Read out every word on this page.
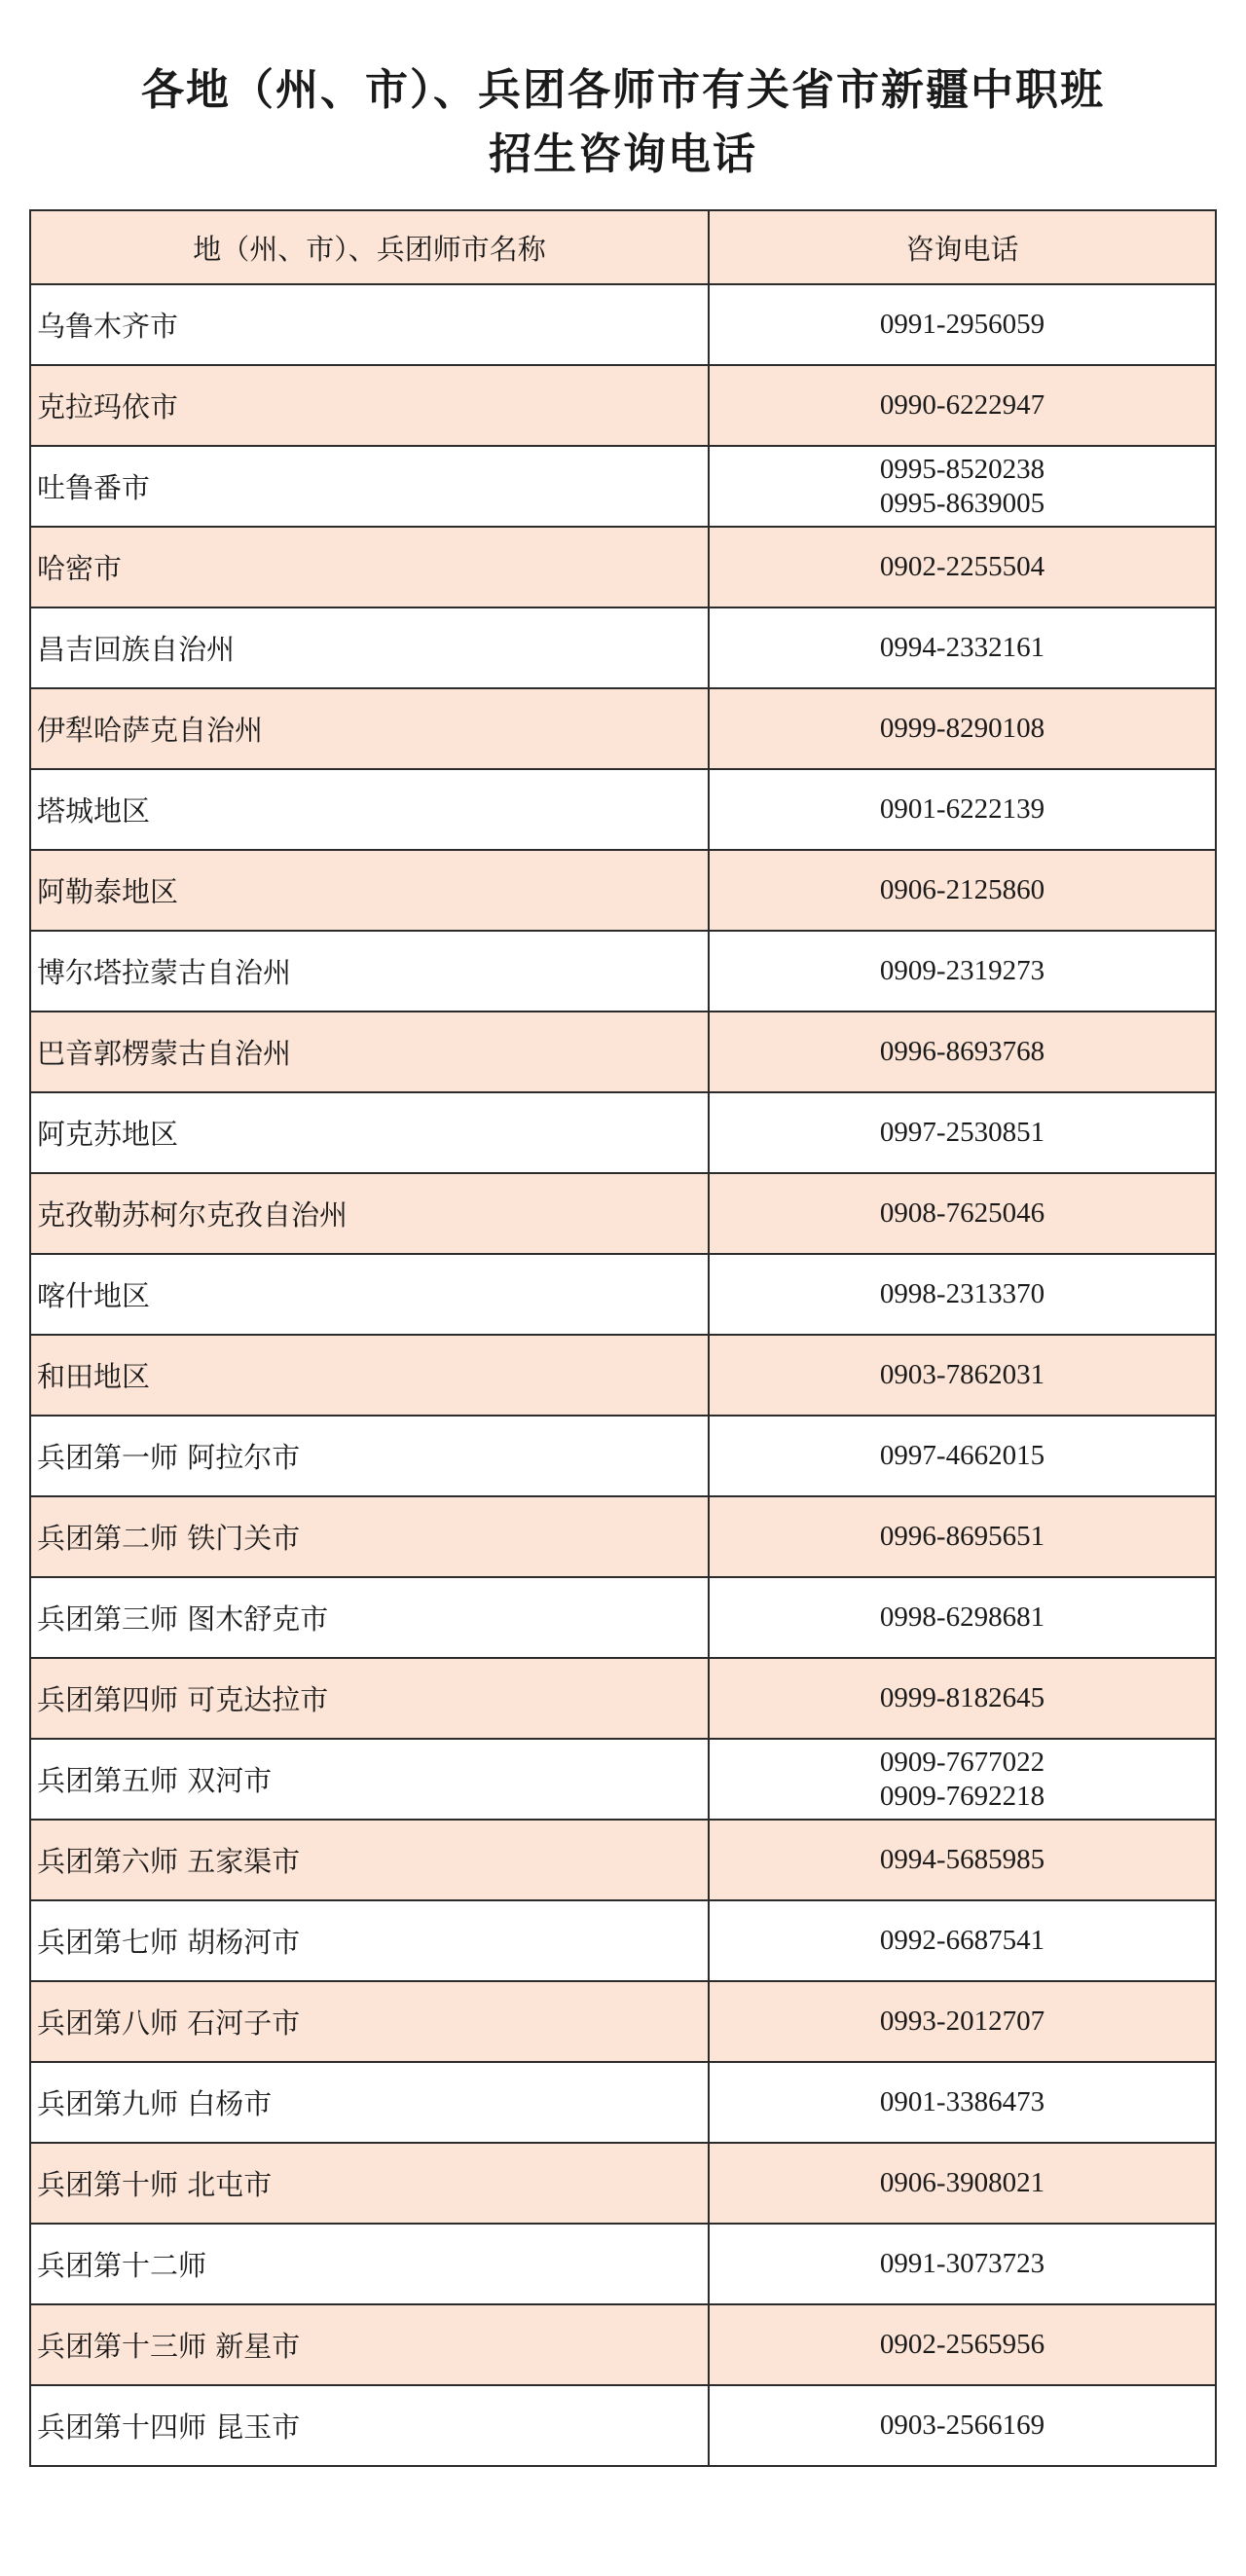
各地（州、市）、兵团各师市有关省市新疆中职班
招生咨询电话
地（州、市）、兵团师市名称	咨询电话
乌鲁木齐市	0991-2956059

克拉玛依市	0990-6222947

吐鲁番市	0995-8520238
0995-8639005

哈密市	0902-2255504

昌吉回族自治州	0994-2332161

伊犁哈萨克自治州	0999-8290108

塔城地区	0901-6222139

阿勒泰地区	0906-2125860

博尔塔拉蒙古自治州	0909-2319273

巴音郭楞蒙古自治州	0996-8693768

阿克苏地区	0997-2530851

克孜勒苏柯尔克孜自治州	0908-7625046

喀什地区	0998-2313370

和田地区	0903-7862031

兵团第一师 阿拉尔市	0997-4662015

兵团第二师 铁门关市	0996-8695651

兵团第三师 图木舒克市	0998-6298681

兵团第四师 可克达拉市	0999-8182645

兵团第五师 双河市	0909-7677022
0909-7692218

兵团第六师 五家渠市	0994-5685985

兵团第七师 胡杨河市	0992-6687541

兵团第八师 石河子市	0993-2012707

兵团第九师 白杨市	0901-3386473

兵团第十师 北屯市	0906-3908021

兵团第十二师	0991-3073723

兵团第十三师 新星市	0902-2565956

兵团第十四师 昆玉市	0903-2566169
